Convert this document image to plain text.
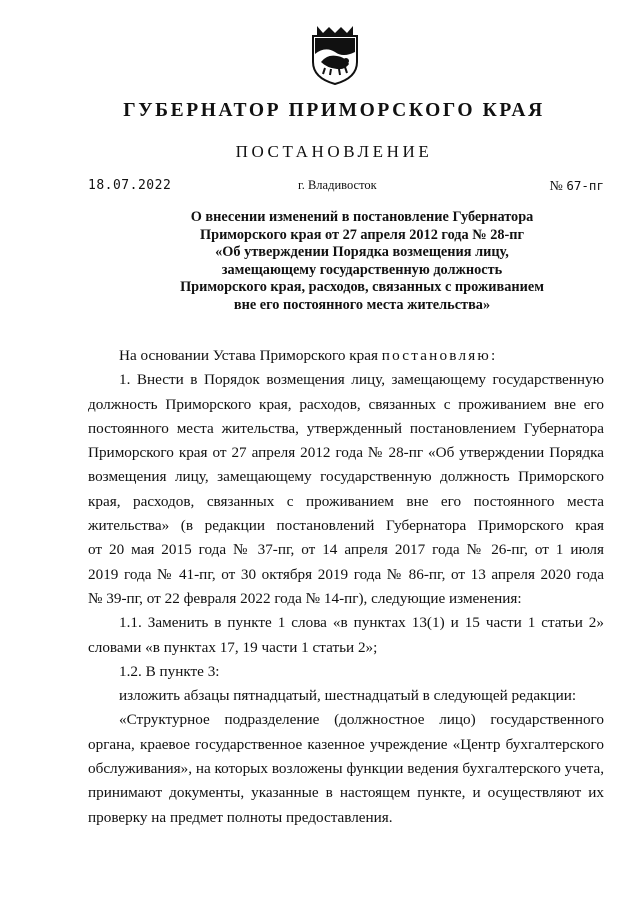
ГУБЕРНАТОР ПРИМОРСКОГО КРАЯ
ПОСТАНОВЛЕНИЕ
18.07.2022	г. Владивосток	№ 67-пг
О внесении изменений в постановление Губернатора
Приморского края от 27 апреля 2012 года № 28-пг
«Об утверждении Порядка возмещения лицу,
замещающему государственную должность
Приморского края, расходов, связанных с проживанием
вне его постоянного места жительства»
На основании Устава Приморского края постановляю:
1. Внести в Порядок возмещения лицу, замещающему государственную
должность Приморского края, расходов, связанных с проживанием вне его
постоянного места жительства, утвержденный постановлением Губернатора
Приморского края от 27 апреля 2012 года № 28-пг «Об утверждении Порядка
возмещения лицу, замещающему государственную должность Приморского
края, расходов, связанных с проживанием вне его постоянного места
жительства» (в редакции постановлений Губернатора Приморского края
от 20 мая 2015 года № 37-пг, от 14 апреля 2017 года № 26-пг, от 1 июля
2019 года № 41-пг, от 30 октября 2019 года № 86-пг, от 13 апреля 2020 года
№ 39-пг, от 22 февраля 2022 года № 14-пг), следующие изменения:
1.1. Заменить в пункте 1 слова «в пунктах 13(1) и 15 части 1 статьи 2»
словами «в пунктах 17, 19 части 1 статьи 2»;
1.2. В пункте 3:
изложить абзацы пятнадцатый, шестнадцатый в следующей редакции:
«Структурное подразделение (должностное лицо) государственного
органа, краевое государственное казенное учреждение «Центр бухгалтерского
обслуживания», на которых возложены функции ведения бухгалтерского учета,
принимают документы, указанные в настоящем пункте, и осуществляют их
проверку на предмет полноты предоставления.
